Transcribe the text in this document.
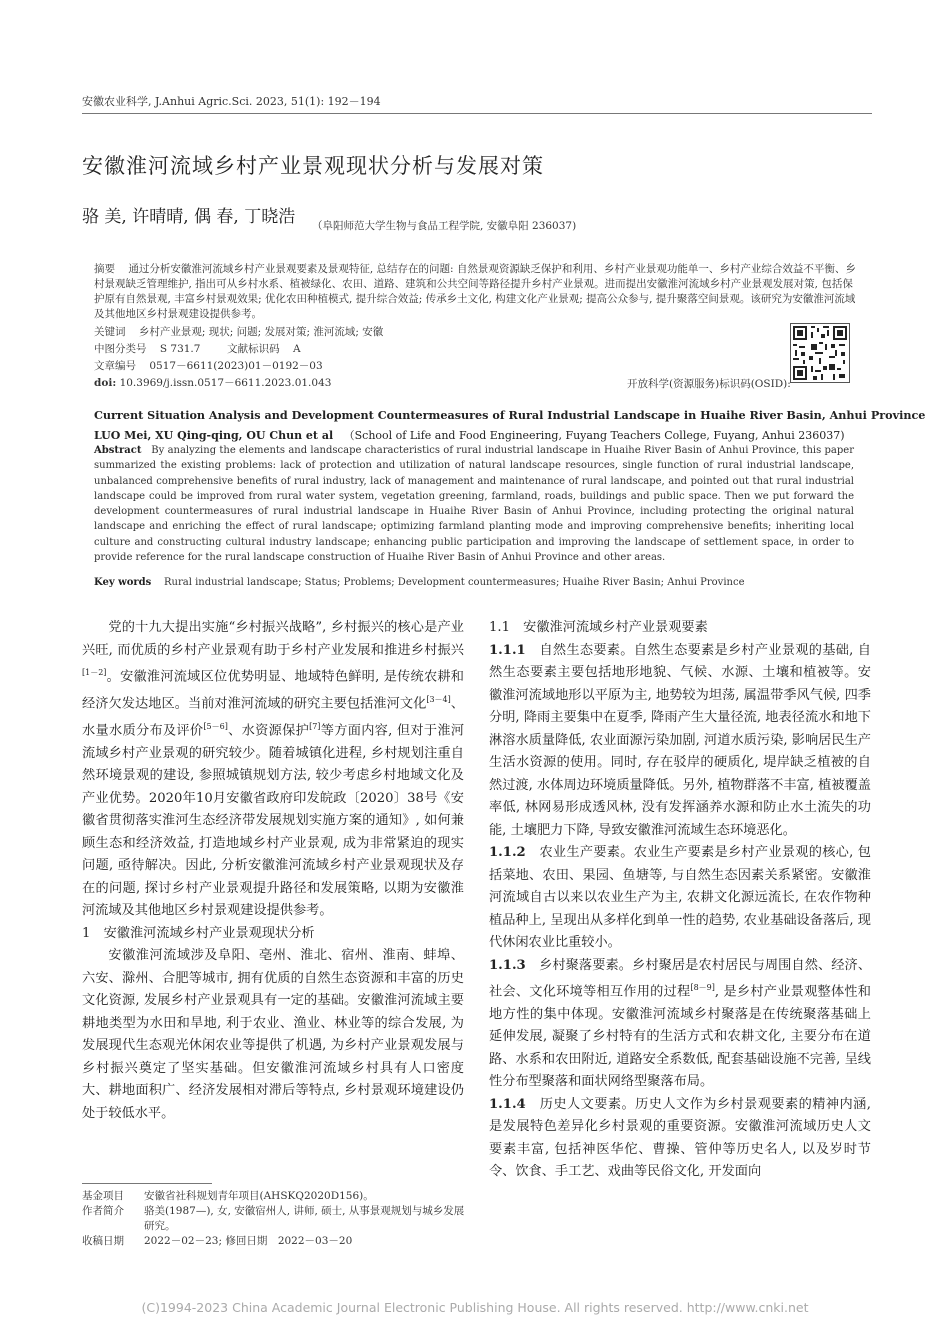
安徽农业科学, J.Anhui Agric.Sci. 2023, 51(1): 192－194
安徽淮河流域乡村产业景观现状分析与发展对策
骆 美, 许晴晴, 偶 春, 丁晓浩 （阜阳师范大学生物与食品工程学院, 安徽阜阳 236037)
摘要 通过分析安徽淮河流域乡村产业景观要素及景观特征, 总结存在的问题: 自然景观资源缺乏保护和利用、乡村产业景观功能单一、乡村产业综合效益不平衡、乡村景观缺乏管理维护, 指出可从乡村水系、植被绿化、农田、道路、建筑和公共空间等路径提升乡村产业景观。进而提出安徽淮河流域乡村产业景观发展对策, 包括保护原有自然景观, 丰富乡村景观效果; 优化农田种植模式, 提升综合效益; 传承乡土文化, 构建文化产业景观; 提高公众参与, 提升聚落空间景观。该研究为安徽淮河流域及其他地区乡村景观建设提供参考。
关键词 乡村产业景观; 现状; 问题; 发展对策; 淮河流域; 安徽
中图分类号 S 731.7	文献标识码 A
文章编号 0517－6611(2023)01－0192－03
doi: 10.3969/j.issn.0517－6611.2023.01.043	开放科学(资源服务)标识码(OSID):
Current Situation Analysis and Development Countermeasures of Rural Industrial Landscape in Huaihe River Basin, Anhui Province
LUO Mei, XU Qing-qing, OU Chun et al （School of Life and Food Engineering, Fuyang Teachers College, Fuyang, Anhui 236037)
Abstract By analyzing the elements and landscape characteristics of rural industrial landscape in Huaihe River Basin of Anhui Province, this paper summarized the existing problems: lack of protection and utilization of natural landscape resources, single function of rural industrial landscape, unbalanced comprehensive benefits of rural industry, lack of management and maintenance of rural landscape, and pointed out that rural industrial landscape could be improved from rural water system, vegetation greening, farmland, roads, buildings and public space. Then we put forward the development countermeasures of rural industrial landscape in Huaihe River Basin of Anhui Province, including protecting the original natural landscape and enriching the effect of rural landscape; optimizing farmland planting mode and improving comprehensive benefits; inheriting local culture and constructing cultural industry landscape; enhancing public participation and improving the landscape of settlement space, in order to provide reference for the rural landscape construction of Huaihe River Basin of Anhui Province and other areas.
Key words Rural industrial landscape; Status; Problems; Development countermeasures; Huaihe River Basin; Anhui Province

党的十九大提出实施“乡村振兴战略”, 乡村振兴的核心是产业兴旺, 而优质的乡村产业景观有助于乡村产业发展和推进乡村振兴[1－2]。安徽淮河流域区位优势明显、地域特色鲜明, 是传统农耕和经济欠发达地区。当前对淮河流域的研究主要包括淮河文化[3－4]、水量水质分布及评价[5－6]、水资源保护[7]等方面内容, 但对于淮河流域乡村产业景观的研究较少。随着城镇化进程, 乡村规划注重自然环境景观的建设, 参照城镇规划方法, 较少考虑乡村地域文化及产业优势。2020年10月安徽省政府印发皖政〔2020〕38号《安徽省贯彻落实淮河生态经济带发展规划实施方案的通知》, 如何兼顾生态和经济效益, 打造地域乡村产业景观, 成为非常紧迫的现实问题, 亟待解决。因此, 分析安徽淮河流域乡村产业景观现状及存在的问题, 探讨乡村产业景观提升路径和发展策略, 以期为安徽淮河流域及其他地区乡村景观建设提供参考。

1　安徽淮河流域乡村产业景观现状分析

安徽淮河流域涉及阜阳、亳州、淮北、宿州、淮南、蚌埠、六安、滁州、合肥等城市, 拥有优质的自然生态资源和丰富的历史文化资源, 发展乡村产业景观具有一定的基础。安徽淮河流域主要耕地类型为水田和旱地, 利于农业、渔业、林业等的综合发展, 为发展现代生态观光休闲农业等提供了机遇, 为乡村产业景观发展与乡村振兴奠定了坚实基础。但安徽淮河流域乡村具有人口密度大、耕地面积广、经济发展相对滞后等特点, 乡村景观环境建设仍处于较低水平。

基金项目	安徽省社科规划青年项目(AHSKQ2020D156)。
作者简介	骆美(1987—), 女, 安徽宿州人, 讲师, 硕士, 从事景观规划与城乡发展研究。
收稿日期	2022－02－23; 修回日期　2022－03－20

1.1　安徽淮河流域乡村产业景观要素

1.1.1　 自然生态要素。自然生态要素是乡村产业景观的基础, 自然生态要素主要包括地形地貌、气候、水源、土壤和植被等。安徽淮河流域地形以平原为主, 地势较为坦荡, 属温带季风气候, 四季分明, 降雨主要集中在夏季, 降雨产生大量径流, 地表径流水和地下淋溶水质量降低, 农业面源污染加剧, 河道水质污染, 影响居民生产生活水资源的使用。同时, 存在驳岸的硬质化, 堤岸缺乏植被的自然过渡, 水体周边环境质量降低。另外, 植物群落不丰富, 植被覆盖率低, 林网易形成透风林, 没有发挥涵养水源和防止水土流失的功能, 土壤肥力下降, 导致安徽淮河流域生态环境恶化。

1.1.2　 农业生产要素。农业生产要素是乡村产业景观的核心, 包括菜地、农田、果园、鱼塘等, 与自然生态因素关系紧密。安徽淮河流域自古以来以农业生产为主, 农耕文化源远流长, 在农作物种植品种上, 呈现出从多样化到单一性的趋势, 农业基础设备落后, 现代休闲农业比重较小。

1.1.3　 乡村聚落要素。乡村聚居是农村居民与周围自然、经济、社会、文化环境等相互作用的过程[8－9], 是乡村产业景观整体性和地方性的集中体现。安徽淮河流域乡村聚落是在传统聚落基础上延伸发展, 凝聚了乡村特有的生活方式和农耕文化, 主要分布在道路、水系和农田附近, 道路安全系数低, 配套基础设施不完善, 呈线性分布型聚落和面状网络型聚落布局。

1.1.4　 历史人文要素。历史人文作为乡村景观要素的精神内涵, 是发展特色差异化乡村景观的重要资源。安徽淮河流域历史人文要素丰富, 包括神医华佗、曹操、管仲等历史名人, 以及岁时节令、饮食、手工艺、戏曲等民俗文化, 开发面向

(C)1994-2023 China Academic Journal Electronic Publishing House. All rights reserved. http://www.cnki.net
